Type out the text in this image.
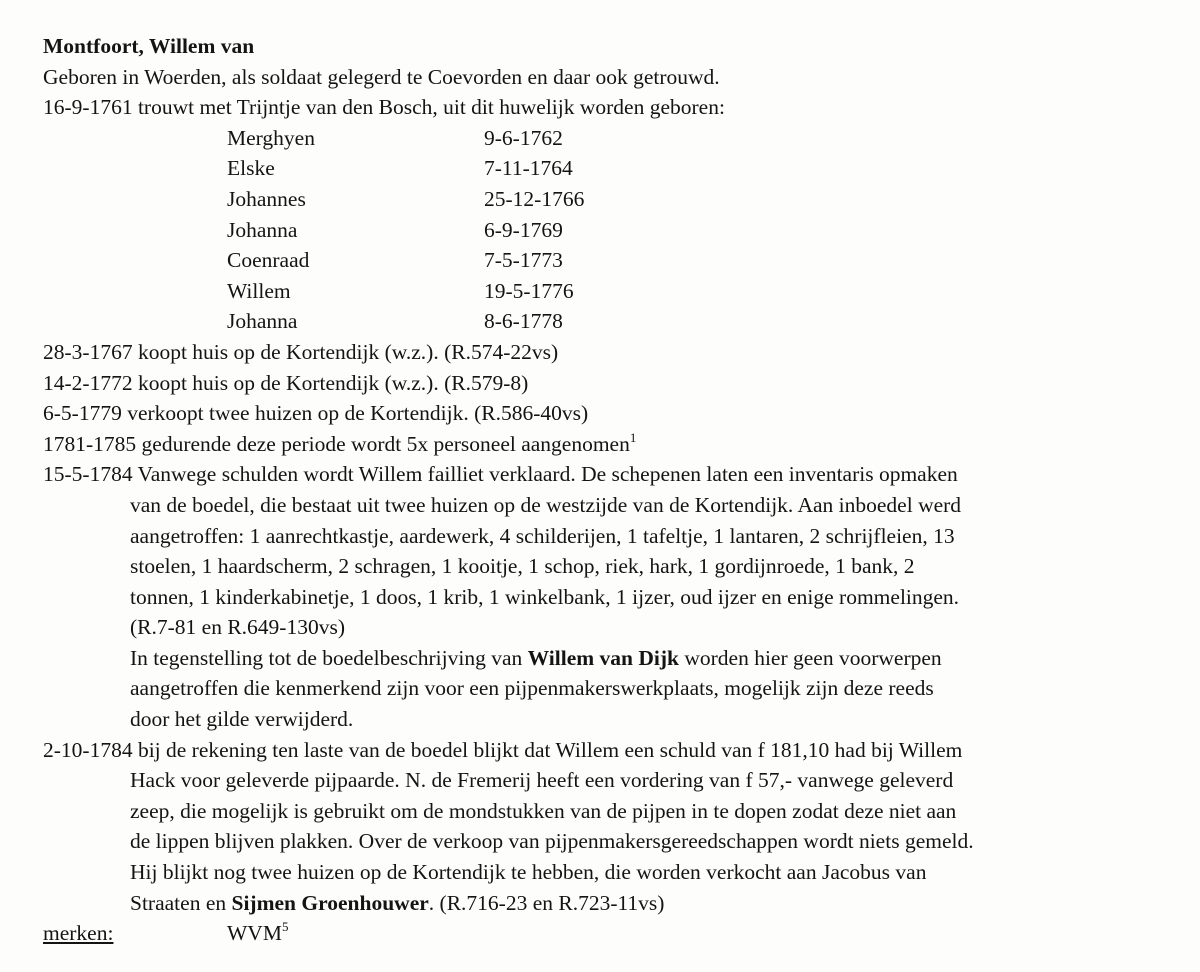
Montfoort, Willem van
Geboren in Woerden, als soldaat gelegerd te Coevorden en daar ook getrouwd.
16-9-1761 trouwt met Trijntje van den Bosch, uit dit huwelijk worden geboren:
Merghyen	9-6-1762
Elske	7-11-1764
Johannes	25-12-1766
Johanna	6-9-1769
Coenraad	7-5-1773
Willem	19-5-1776
Johanna	8-6-1778
28-3-1767 koopt huis op de Kortendijk (w.z.). (R.574-22vs)
14-2-1772 koopt huis op de Kortendijk (w.z.). (R.579-8)
6-5-1779 verkoopt twee huizen op de Kortendijk. (R.586-40vs)
1781-1785 gedurende deze periode wordt 5x personeel aangenomen$^1$
15-5-1784 Vanwege schulden wordt Willem failliet verklaard. De schepenen laten een inventaris opmaken
van de boedel, die bestaat uit twee huizen op de westzijde van de Kortendijk. Aan inboedel werd
aangetroffen: 1 aanrechtkastje, aardewerk, 4 schilderijen, 1 tafeltje, 1 lantaren, 2 schrijfleien, 13
stoelen, 1 haardscherm, 2 schragen, 1 kooitje, 1 schop, riek, hark, 1 gordijnroede, 1 bank, 2
tonnen, 1 kinderkabinetje, 1 doos, 1 krib, 1 winkelbank, 1 ijzer, oud ijzer en enige rommelingen.
(R.7-81 en R.649-130vs)
In tegenstelling tot de boedelbeschrijving van Willem van Dijk worden hier geen voorwerpen
aangetroffen die kenmerkend zijn voor een pijpenmakerswerkplaats, mogelijk zijn deze reeds
door het gilde verwijderd.
2-10-1784 bij de rekening ten laste van de boedel blijkt dat Willem een schuld van f 181,10 had bij Willem
Hack voor geleverde pijpaarde. N. de Fremerij heeft een vordering van f 57,- vanwege geleverd
zeep, die mogelijk is gebruikt om de mondstukken van de pijpen in te dopen zodat deze niet aan
de lippen blijven plakken. Over de verkoop van pijpenmakersgereedschappen wordt niets gemeld.
Hij blijkt nog twee huizen op de Kortendijk te hebben, die worden verkocht aan Jacobus van
Straaten en Sijmen Groenhouwer. (R.716-23 en R.723-11vs)
merken:	WVM$^5$
